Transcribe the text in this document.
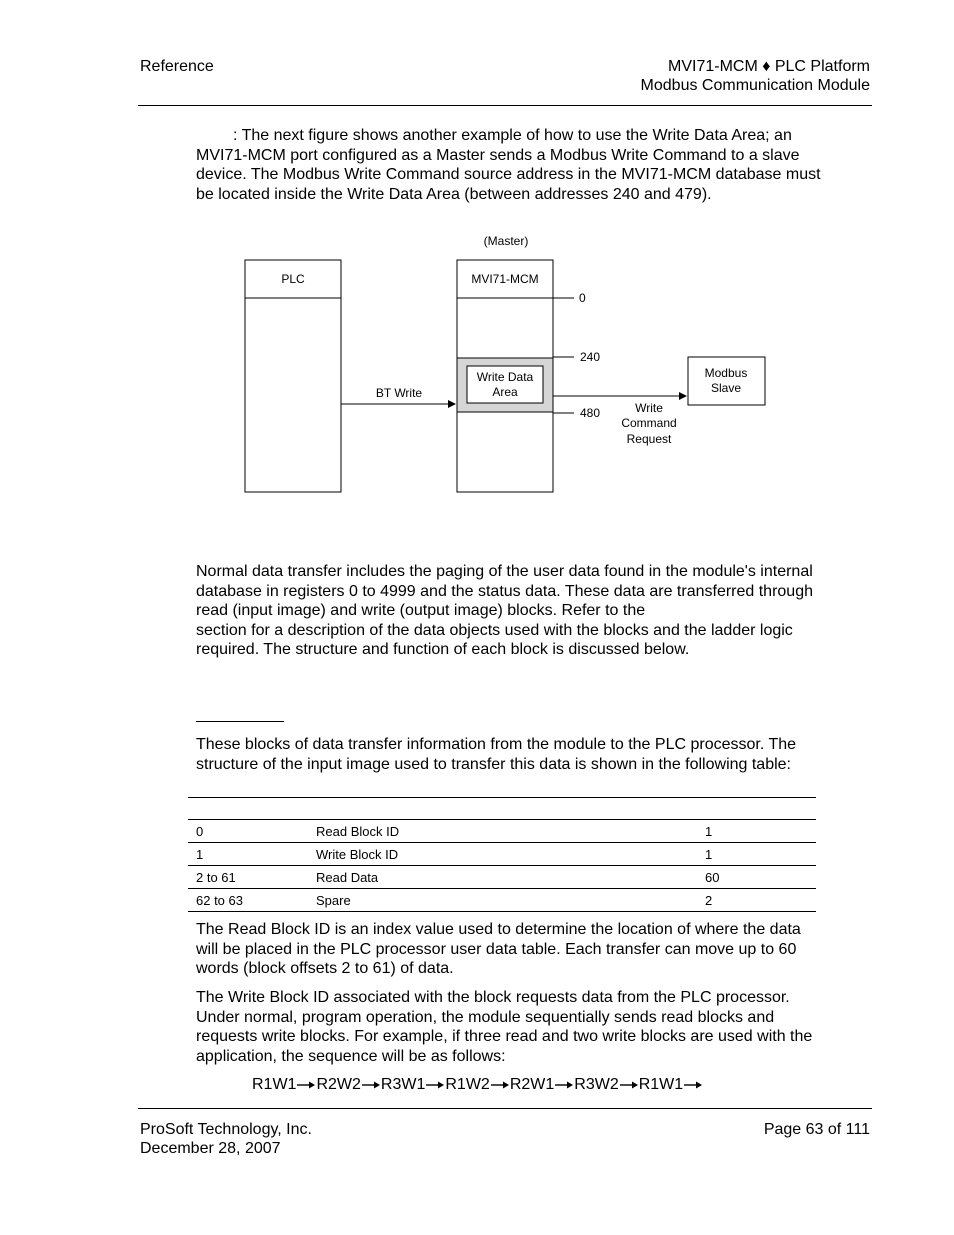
Reference	MVI71-MCM ♦ PLC Platform

Modbus Communication Module

: The next figure shows another example of how to use the Write Data Area; an MVI71-MCM port configured as a Master sends a Modbus Write Command to a slave device. The Modbus Write Command source address in the MVI71-MCM database must be located inside the Write Data Area (between addresses 240 and 479).

(Master)
PLC	MVI71-MCM
Write Data
Area
0
240
480
BT Write
Modbus
Slave
Write
Command
Request

Normal data transfer includes the paging of the user data found in the module's internal database in registers 0 to 4999 and the status data. These data are transferred through read (input image) and write (output image) blocks. Refer to thesection for a description of the data objects used with the blocks and the ladder logic required. The structure and function of each block is discussed below.

These blocks of data transfer information from the module to the PLC processor. The structure of the input image used to transfer this data is shown in the following table:

0	Read Block ID	1
1	Write Block ID	1
2 to 61	Read Data	60
62 to 63	Spare	2

The Read Block ID is an index value used to determine the location of where the data will be placed in the PLC processor user data table. Each transfer can move up to 60 words (block offsets 2 to 61) of data.

The Write Block ID associated with the block requests data from the PLC processor. Under normal, program operation, the module sequentially sends read blocks and requests write blocks. For example, if three read and two write blocks are used with the application, the sequence will be as follows:

R1W1 R2W2 R3W1 R1W2 R2W1 R3W2 R1W1

ProSoft Technology, Inc.

December 28, 2007

Page 63 of 111
